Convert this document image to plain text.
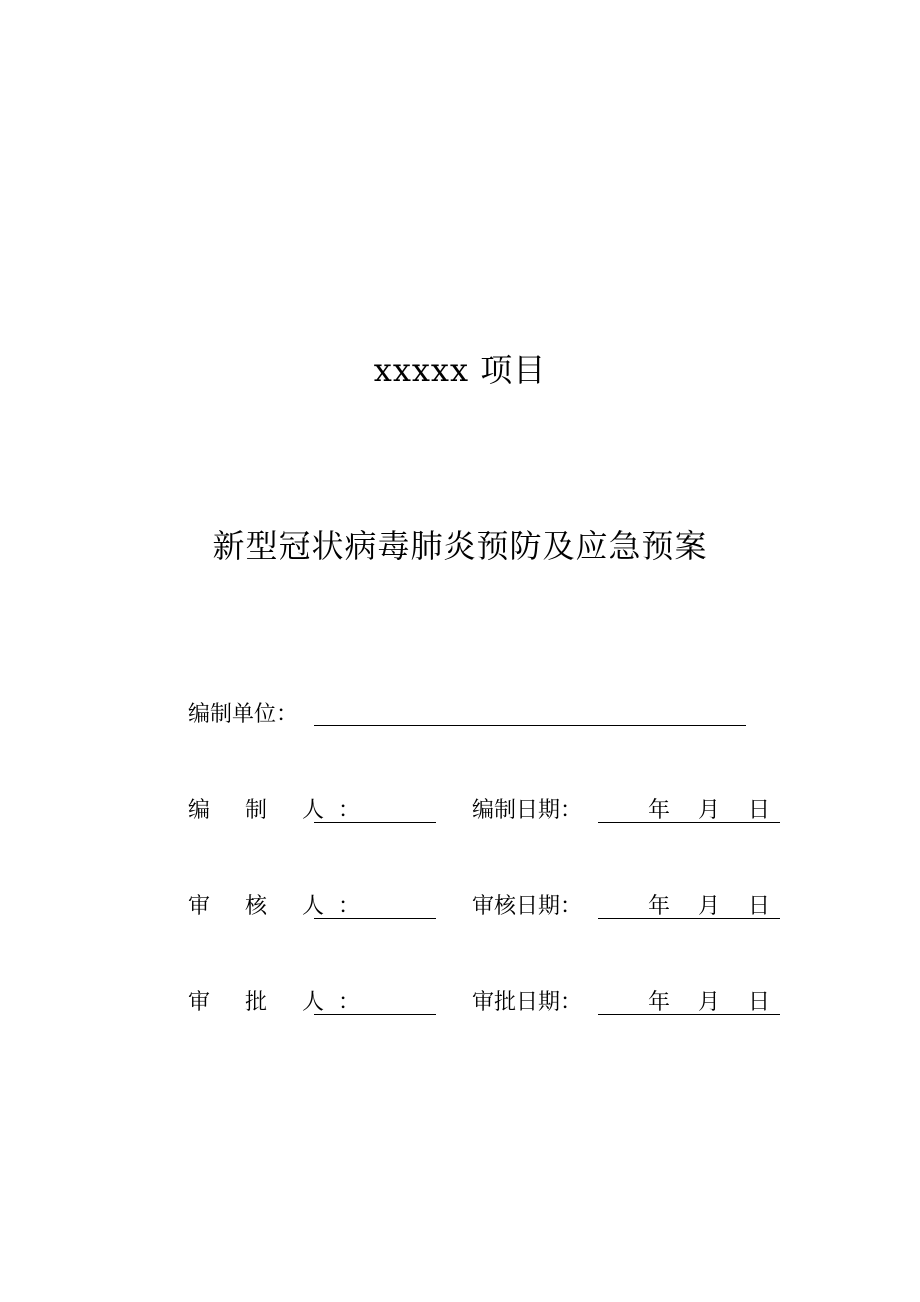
xxxxx 项目
新型冠状病毒肺炎预防及应急预案
编制单位：
编 制 人：	编制日期：	年 月 日
审 核 人：	审核日期：	年 月 日
审 批 人：	审批日期：	年 月 日
